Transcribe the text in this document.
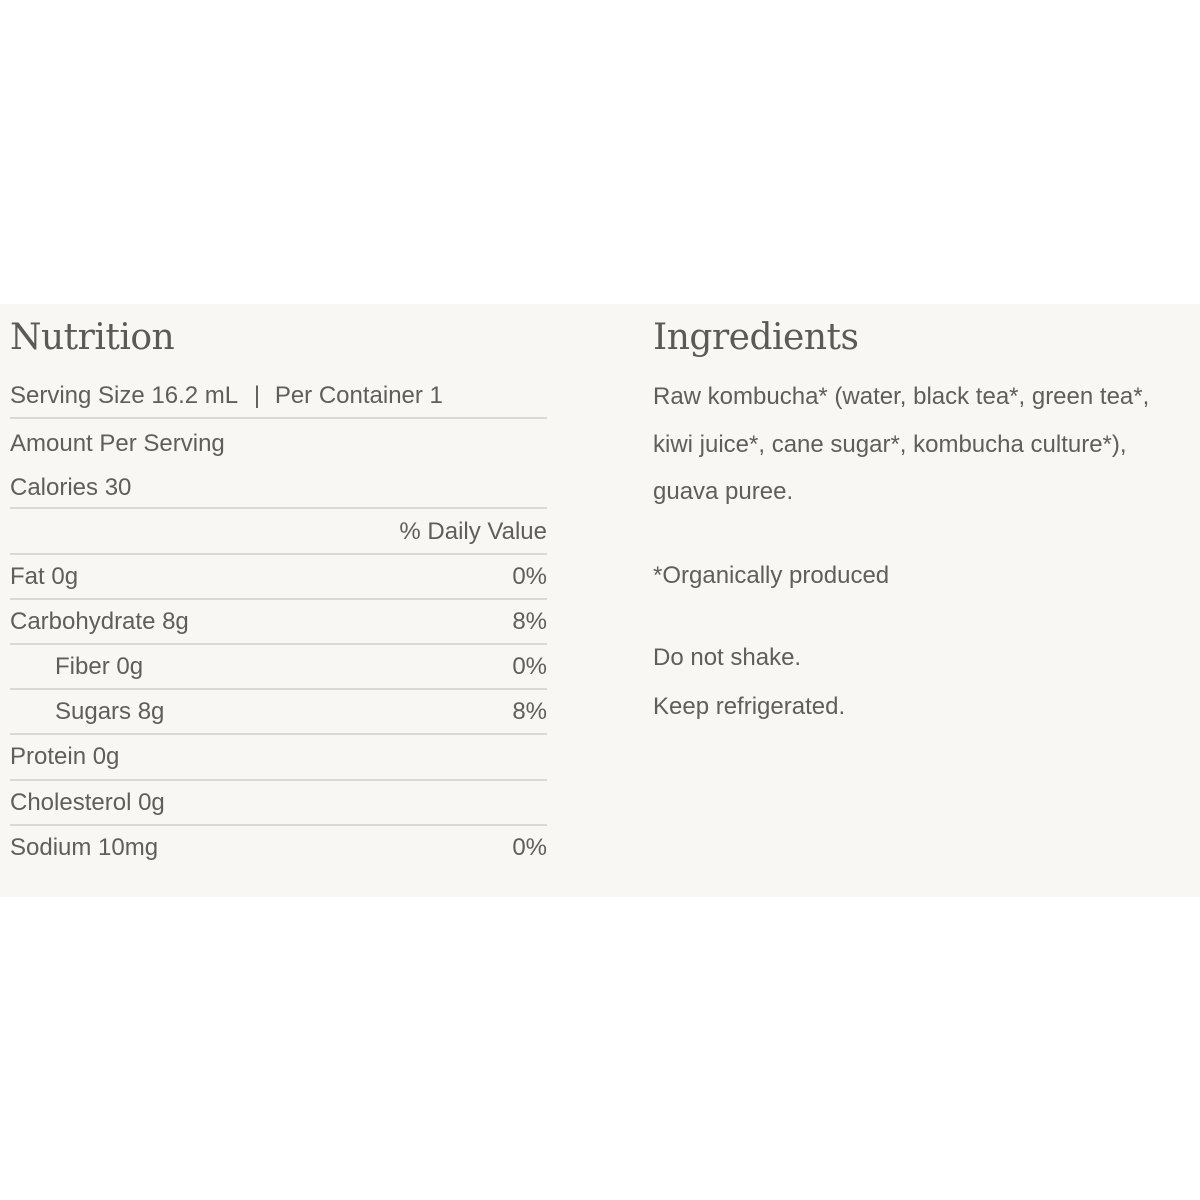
Nutrition
Serving Size 16.2 mL | Per Container 1
Amount Per Serving
Calories 30
% Daily Value
Fat 0g	0%
Carbohydrate 8g	8%
Fiber 0g	0%
Sugars 8g	8%
Protein 0g
Cholesterol 0g
Sodium 10mg	0%
Ingredients
Raw kombucha* (water, black tea*, green tea*,
kiwi juice*, cane sugar*, kombucha culture*),
guava puree.
*Organically produced
Do not shake.
Keep refrigerated.
